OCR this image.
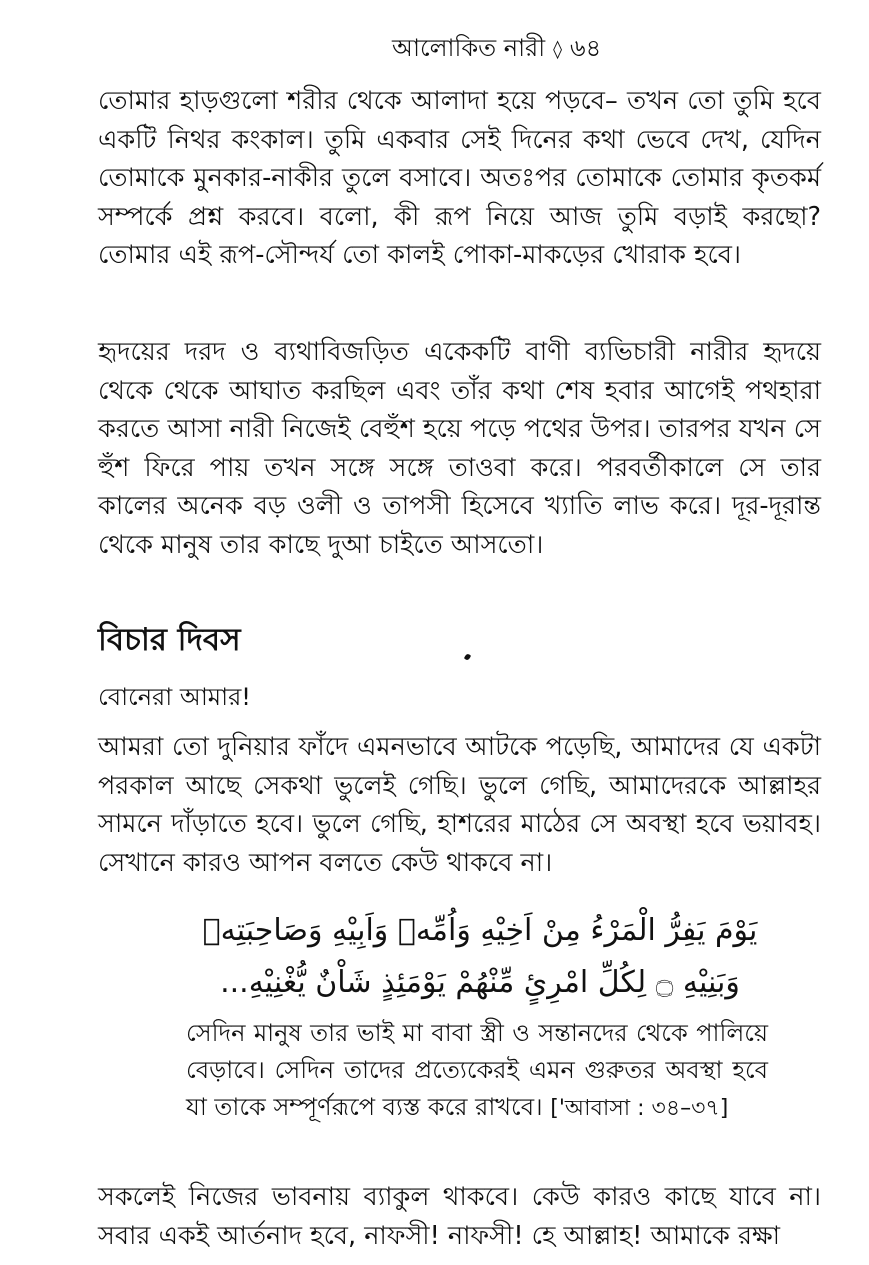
আলোকিত নারী ◊ ৬৪

তোমার হাড়গুলো শরীর থেকে আলাদা হয়ে পড়বে– তখন তো তুমি হবে একটি নিথর কংকাল। তুমি একবার সেই দিনের কথা ভেবে দেখ, যেদিন তোমাকে মুনকার-নাকীর তুলে বসাবে। অতঃপর তোমাকে তোমার কৃতকর্ম সম্পর্কে প্রশ্ন করবে। বলো, কী রূপ নিয়ে আজ তুমি বড়াই করছো? তোমার এই রূপ-সৌন্দর্য তো কালই পোকা-মাকড়ের খোরাক হবে।

হৃদয়ের দরদ ও ব্যথাবিজড়িত একেকটি বাণী ব্যভিচারী নারীর হৃদয়ে থেকে থেকে আঘাত করছিল এবং তাঁর কথা শেষ হবার আগেই পথহারা করতে আসা নারী নিজেই বেহুঁশ হয়ে পড়ে পথের উপর। তারপর যখন সে হুঁশ ফিরে পায় তখন সঙ্গে সঙ্গে তাওবা করে। পরবর্তীকালে সে তার কালের অনেক বড় ওলী ও তাপসী হিসেবে খ্যাতি লাভ করে। দূর-দূরান্ত থেকে মানুষ তার কাছে দুআ চাইতে আসতো।

বিচার দিবস

বোনেরা আমার!

আমরা তো দুনিয়ার ফাঁদে এমনভাবে আটকে পড়েছি, আমাদের যে একটা পরকাল আছে সেকথা ভুলেই গেছি। ভুলে গেছি, আমাদেরকে আল্লাহর সামনে দাঁড়াতে হবে। ভুলে গেছি, হাশরের মাঠের সে অবস্থা হবে ভয়াবহ। সেখানে কারও আপন বলতে কেউ থাকবে না।

يَوْمَ يَفِرُّ الْمَرْءُ مِنْ اَخِيْهِ وَاُمِّهٖ وَاَبِيْهِ وَصَاحِبَتِهٖ

وَبَنِيْهِ ۝ لِكُلِّ امْرِئٍ مِّنْهُمْ يَوْمَئِذٍ شَاْنٌ يُّغْنِيْهِ...

সেদিন মানুষ তার ভাই মা বাবা স্ত্রী ও সন্তানদের থেকে পালিয়ে বেড়াবে। সেদিন তাদের প্রত্যেকেরই এমন গুরুতর অবস্থা হবে যা তাকে সম্পূর্ণরূপে ব্যস্ত করে রাখবে। ['আবাসা : ৩৪–৩৭]

সকলেই নিজের ভাবনায় ব্যাকুল থাকবে। কেউ কারও কাছে যাবে না। সবার একই আর্তনাদ হবে, নাফসী! নাফসী! হে আল্লাহ! আমাকে রক্ষা
